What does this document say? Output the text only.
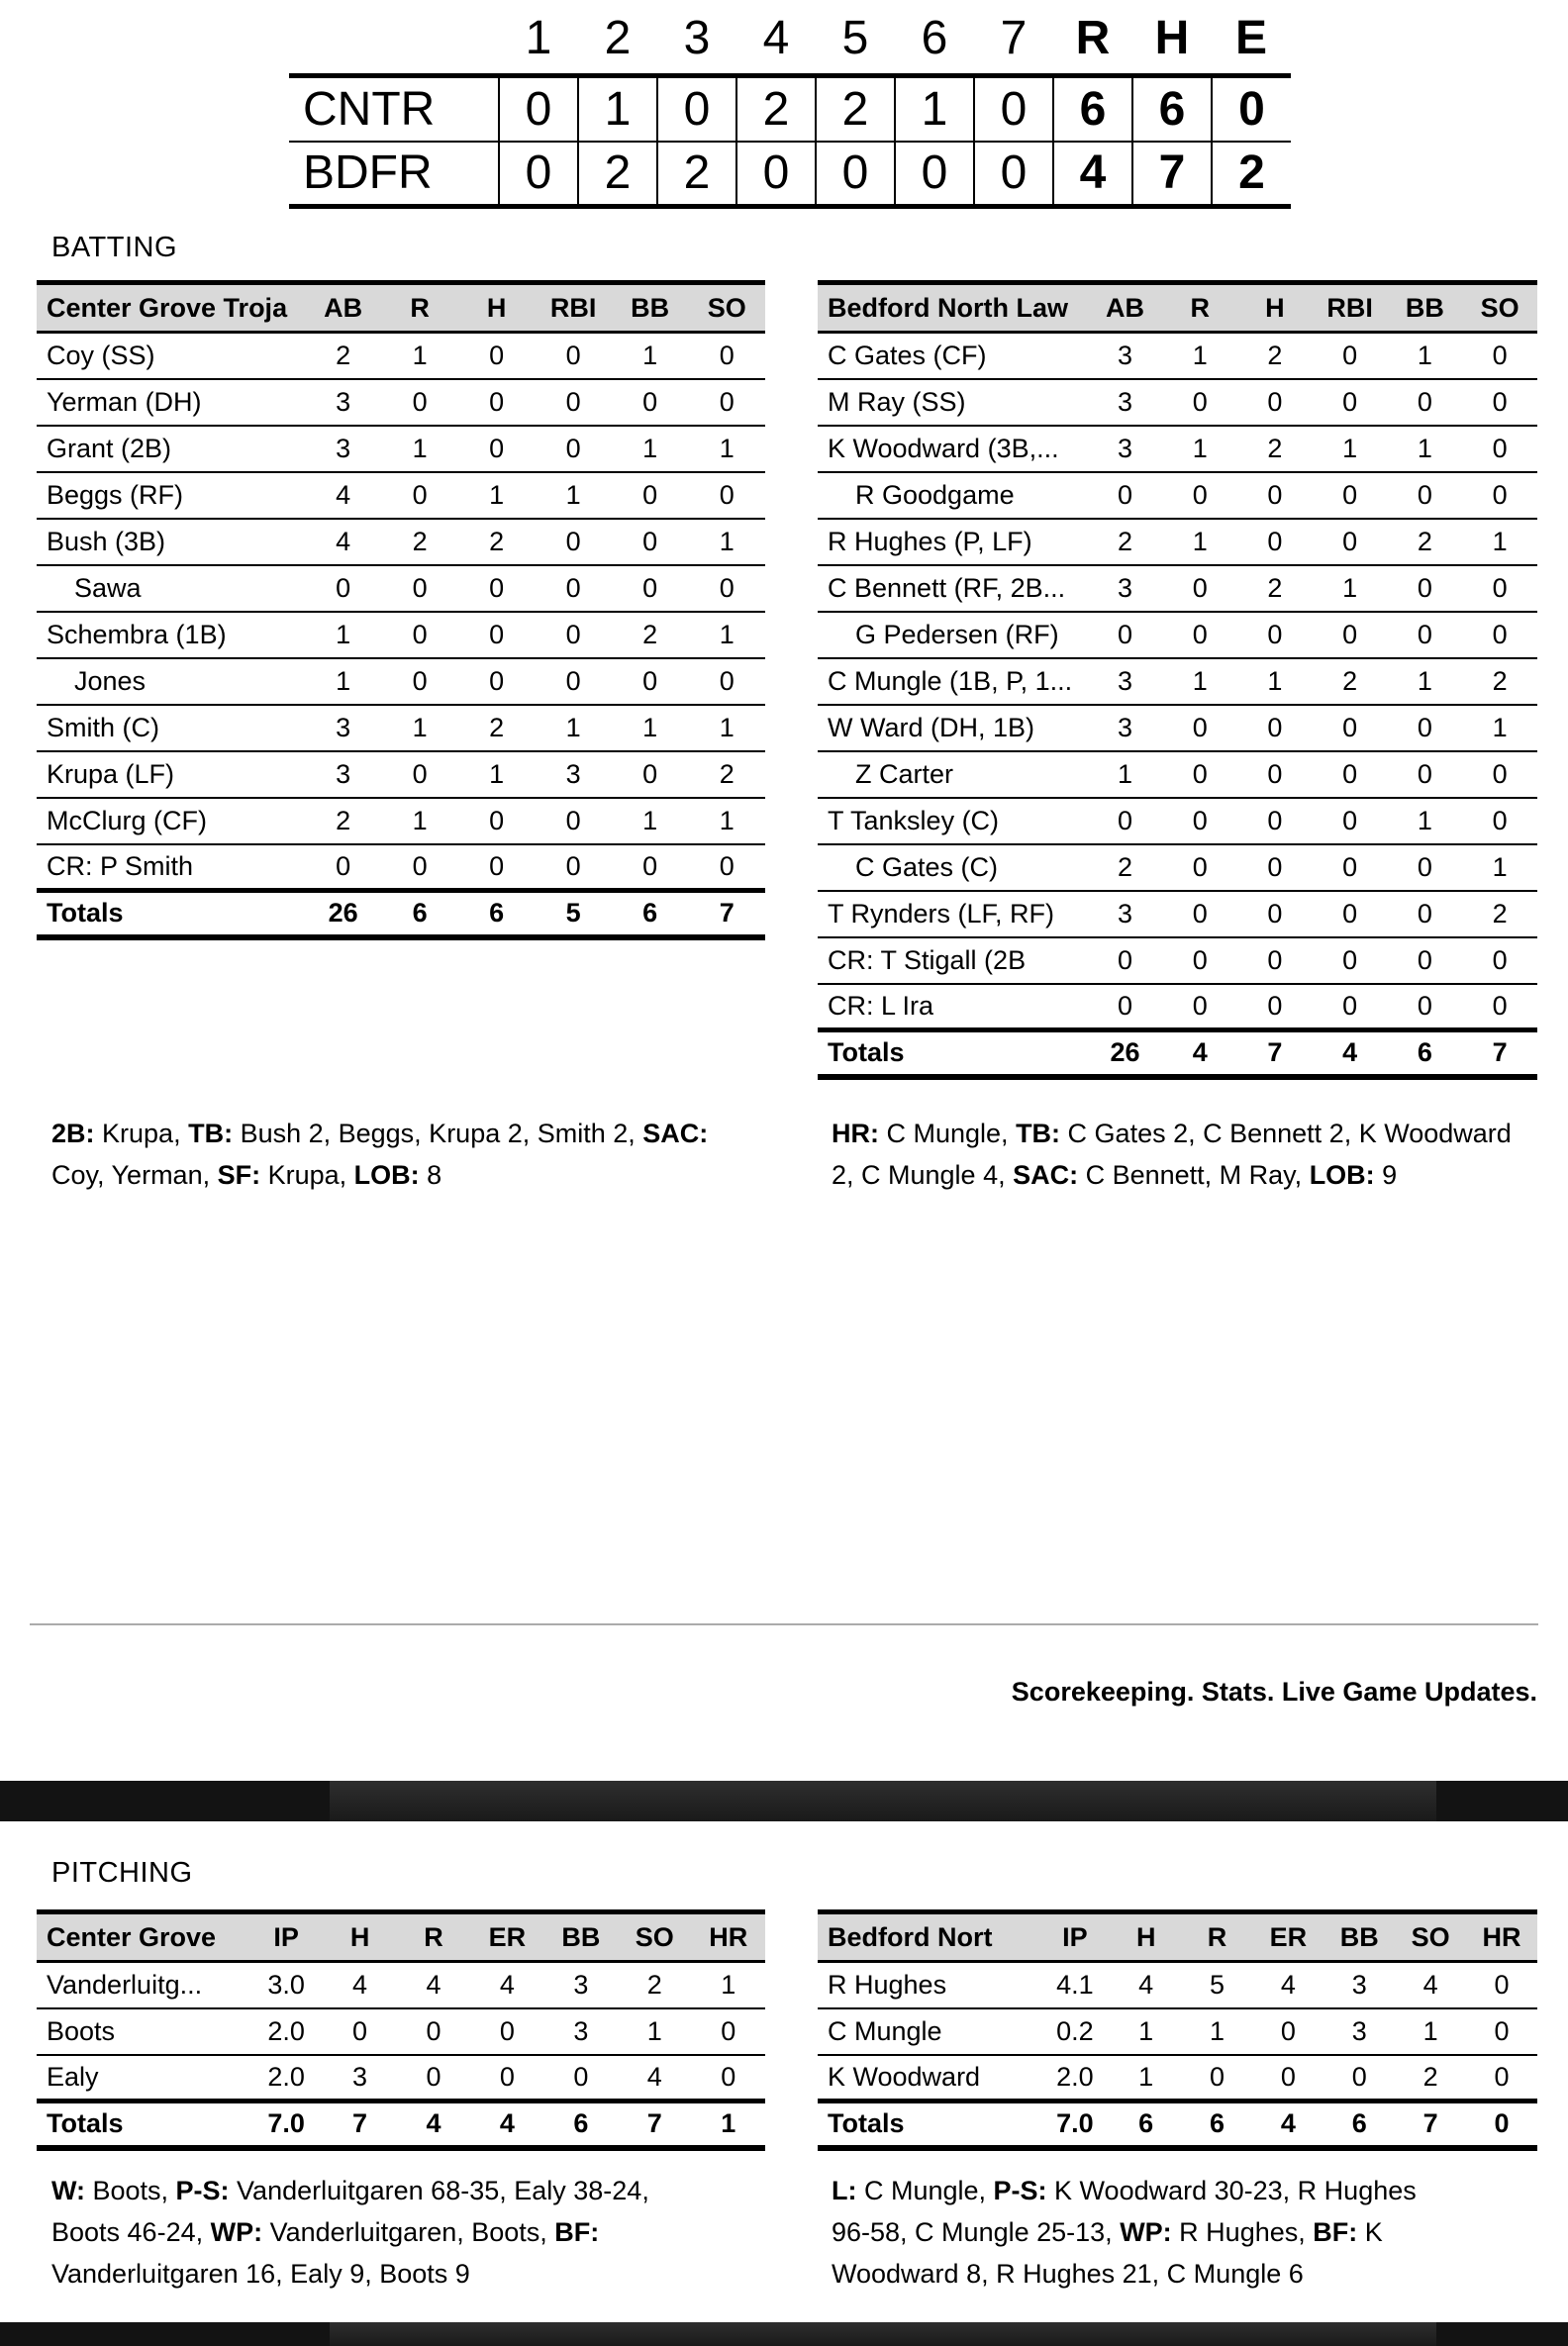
	1	2	3	4	5	6	7	R	H	E
CNTR	0	1	0	2	2	1	0	6	6	0
BDFR	0	2	2	0	0	0	0	4	7	2
BATTING
Center Grove Troja	AB	R	H	RBI	BB	SO
Coy (SS)	2	1	0	0	1	0
Yerman (DH)	3	0	0	0	0	0
Grant (2B)	3	1	0	0	1	1
Beggs (RF)	4	0	1	1	0	0
Bush (3B)	4	2	2	0	0	1
Sawa	0	0	0	0	0	0
Schembra (1B)	1	0	0	0	2	1
Jones	1	0	0	0	0	0
Smith (C)	3	1	2	1	1	1
Krupa (LF)	3	0	1	3	0	2
McClurg (CF)	2	1	0	0	1	1
CR: P Smith	0	0	0	0	0	0
Totals	26	6	6	5	6	7
Bedford North Law	AB	R	H	RBI	BB	SO
C Gates (CF)	3	1	2	0	1	0
M Ray (SS)	3	0	0	0	0	0
K Woodward (3B,...	3	1	2	1	1	0
R Goodgame	0	0	0	0	0	0
R Hughes (P, LF)	2	1	0	0	2	1
C Bennett (RF, 2B...	3	0	2	1	0	0
G Pedersen (RF)	0	0	0	0	0	0
C Mungle (1B, P, 1...	3	1	1	2	1	2
W Ward (DH, 1B)	3	0	0	0	0	1
Z Carter	1	0	0	0	0	0
T Tanksley (C)	0	0	0	0	1	0
C Gates (C)	2	0	0	0	0	1
T Rynders (LF, RF)	3	0	0	0	0	2
CR: T Stigall (2B	0	0	0	0	0	0
CR: L Ira	0	0	0	0	0	0
Totals	26	4	7	4	6	7
2B: Krupa, TB: Bush 2, Beggs, Krupa 2, Smith 2, SAC:
Coy, Yerman, SF: Krupa, LOB: 8
HR: C Mungle, TB: C Gates 2, C Bennett 2, K Woodward
2, C Mungle 4, SAC: C Bennett, M Ray, LOB: 9
Scorekeeping. Stats. Live Game Updates.
PITCHING
Center Grove	IP	H	R	ER	BB	SO	HR
Vanderluitg...	3.0	4	4	4	3	2	1
Boots	2.0	0	0	0	3	1	0
Ealy	2.0	3	0	0	0	4	0
Totals	7.0	7	4	4	6	7	1
Bedford Nort	IP	H	R	ER	BB	SO	HR
R Hughes	4.1	4	5	4	3	4	0
C Mungle	0.2	1	1	0	3	1	0
K Woodward	2.0	1	0	0	0	2	0
Totals	7.0	6	6	4	6	7	0
W: Boots, P-S: Vanderluitgaren 68-35, Ealy 38-24,
Boots 46-24, WP: Vanderluitgaren, Boots, BF:
Vanderluitgaren 16, Ealy 9, Boots 9
L: C Mungle, P-S: K Woodward 30-23, R Hughes
96-58, C Mungle 25-13, WP: R Hughes, BF: K
Woodward 8, R Hughes 21, C Mungle 6
